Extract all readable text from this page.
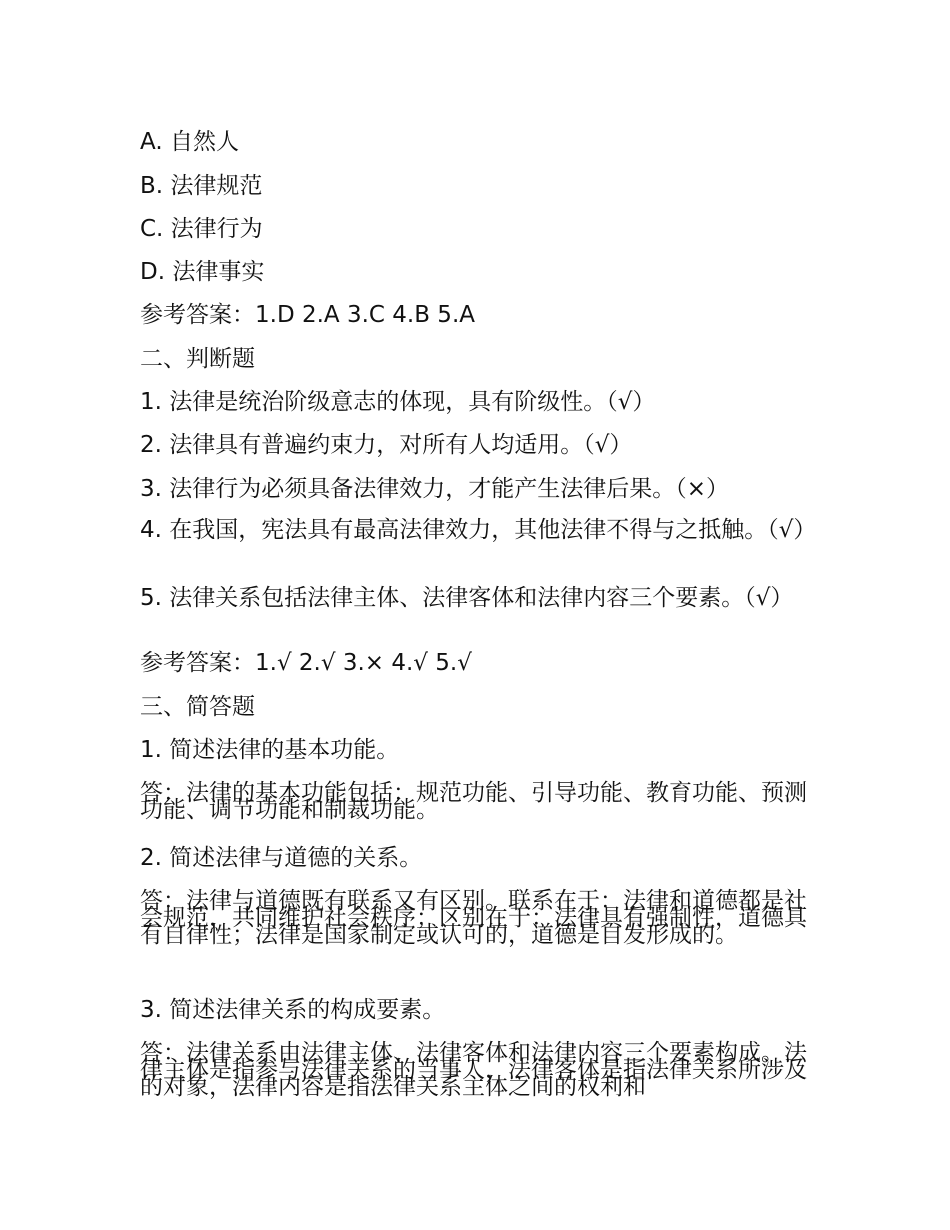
A. 自然人
B. 法律规范
C. 法律行为
D. 法律事实
参考答案：1.D 2.A 3.C 4.B 5.A
二、判断题
1. 法律是统治阶级意志的体现，具有阶级性。（√）
2. 法律具有普遍约束力，对所有人均适用。（√）
3. 法律行为必须具备法律效力，才能产生法律后果。（×）
4. 在我国，宪法具有最高法律效力，其他法律不得与之抵触。（√）
5. 法律关系包括法律主体、法律客体和法律内容三个要素。（√）
参考答案：1.√ 2.√ 3.× 4.√ 5.√
三、简答题
1. 简述法律的基本功能。
答：法律的基本功能包括：规范功能、引导功能、教育功能、预测功能、调节功能和制裁功能。
2. 简述法律与道德的关系。
答：法律与道德既有联系又有区别。联系在于：法律和道德都是社会规范，共同维护社会秩序；区别在于：法律具有强制性，道德具有自律性；法律是国家制定或认可的，道德是自发形成的。
3. 简述法律关系的构成要素。
答：法律关系由法律主体、法律客体和法律内容三个要素构成。法律主体是指参与法律关系的当事人，法律客体是指法律关系所涉及的对象，法律内容是指法律关系主体之间的权利和
